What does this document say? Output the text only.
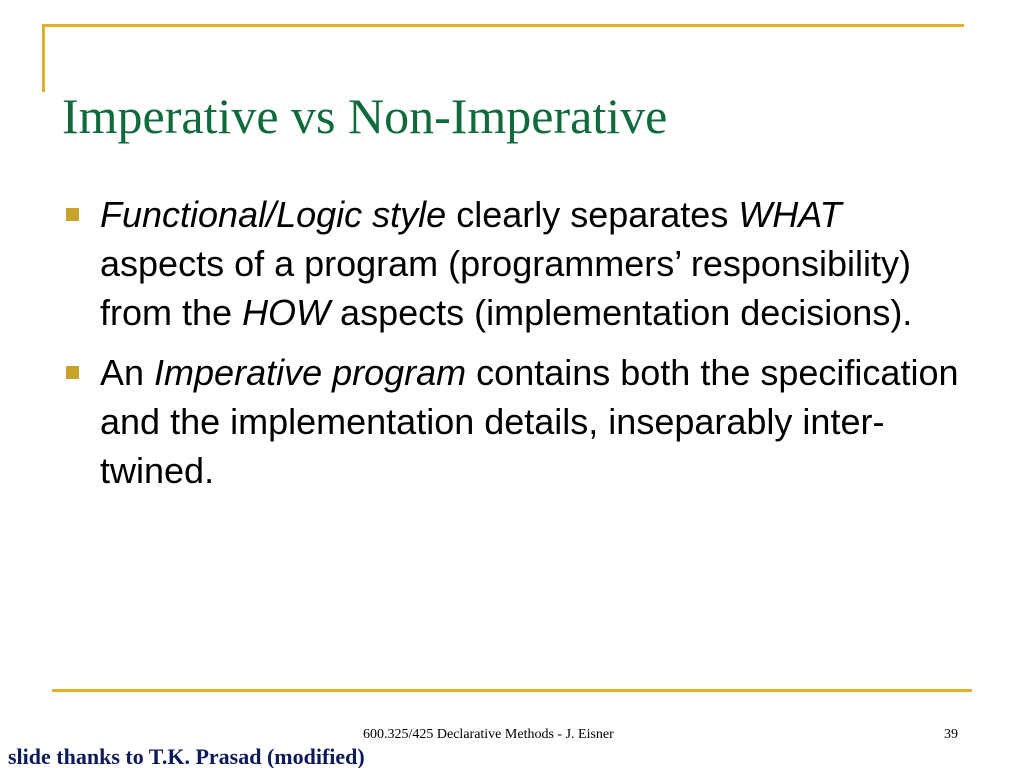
Imperative vs Non-Imperative
Functional/Logic style clearly separates WHAT  aspects of a program (programmers’ responsibility) from the HOW aspects (implementation decisions).
An Imperative program contains both the specification and the implementation details, inseparably inter-twined.
600.325/425 Declarative Methods - J. Eisner	39
slide thanks to T.K. Prasad (modified)
